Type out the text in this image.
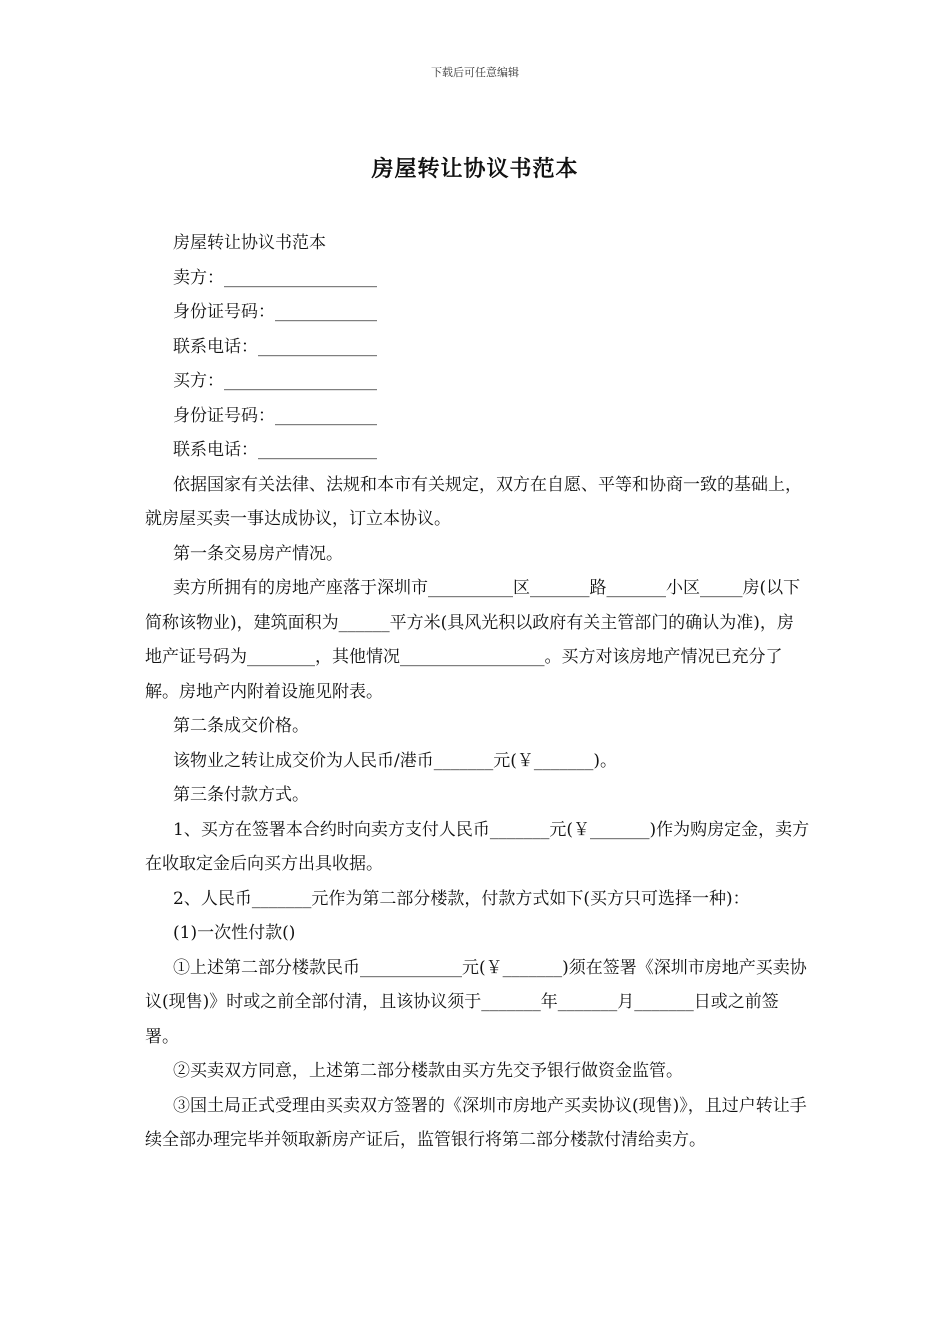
下载后可任意编辑
房屋转让协议书范本

房屋转让协议书范本

卖方：__________________

身份证号码：____________

联系电话：______________

买方：__________________

身份证号码：____________

联系电话：______________

依据国家有关法律、法规和本市有关规定，双方在自愿、平等和协商一致的基础上，就房屋买卖一事达成协议，订立本协议。

第一条交易房产情况。

卖方所拥有的房地产座落于深圳市__________区_______路_______小区_____房(以下简称该物业)，建筑面积为______平方米(具风光积以政府有关主管部门的确认为准)，房地产证号码为________，其他情况_________________。买方对该房地产情况已充分了解。房地产内附着设施见附表。

第二条成交价格。

该物业之转让成交价为人民币/港币_______元(￥_______)。

第三条付款方式。

1、买方在签署本合约时向卖方支付人民币_______元(￥_______)作为购房定金，卖方在收取定金后向买方出具收据。

2、人民币_______元作为第二部分楼款，付款方式如下(买方只可选择一种)：

(1)一次性付款()

①上述第二部分楼款民币____________元(￥_______)须在签署《深圳市房地产买卖协议(现售)》时或之前全部付清，且该协议须于_______年_______月_______日或之前签署。

②买卖双方同意，上述第二部分楼款由买方先交予银行做资金监管。

③国土局正式受理由买卖双方签署的《深圳市房地产买卖协议(现售)》，且过户转让手续全部办理完毕并领取新房产证后，监管银行将第二部分楼款付清给卖方。
